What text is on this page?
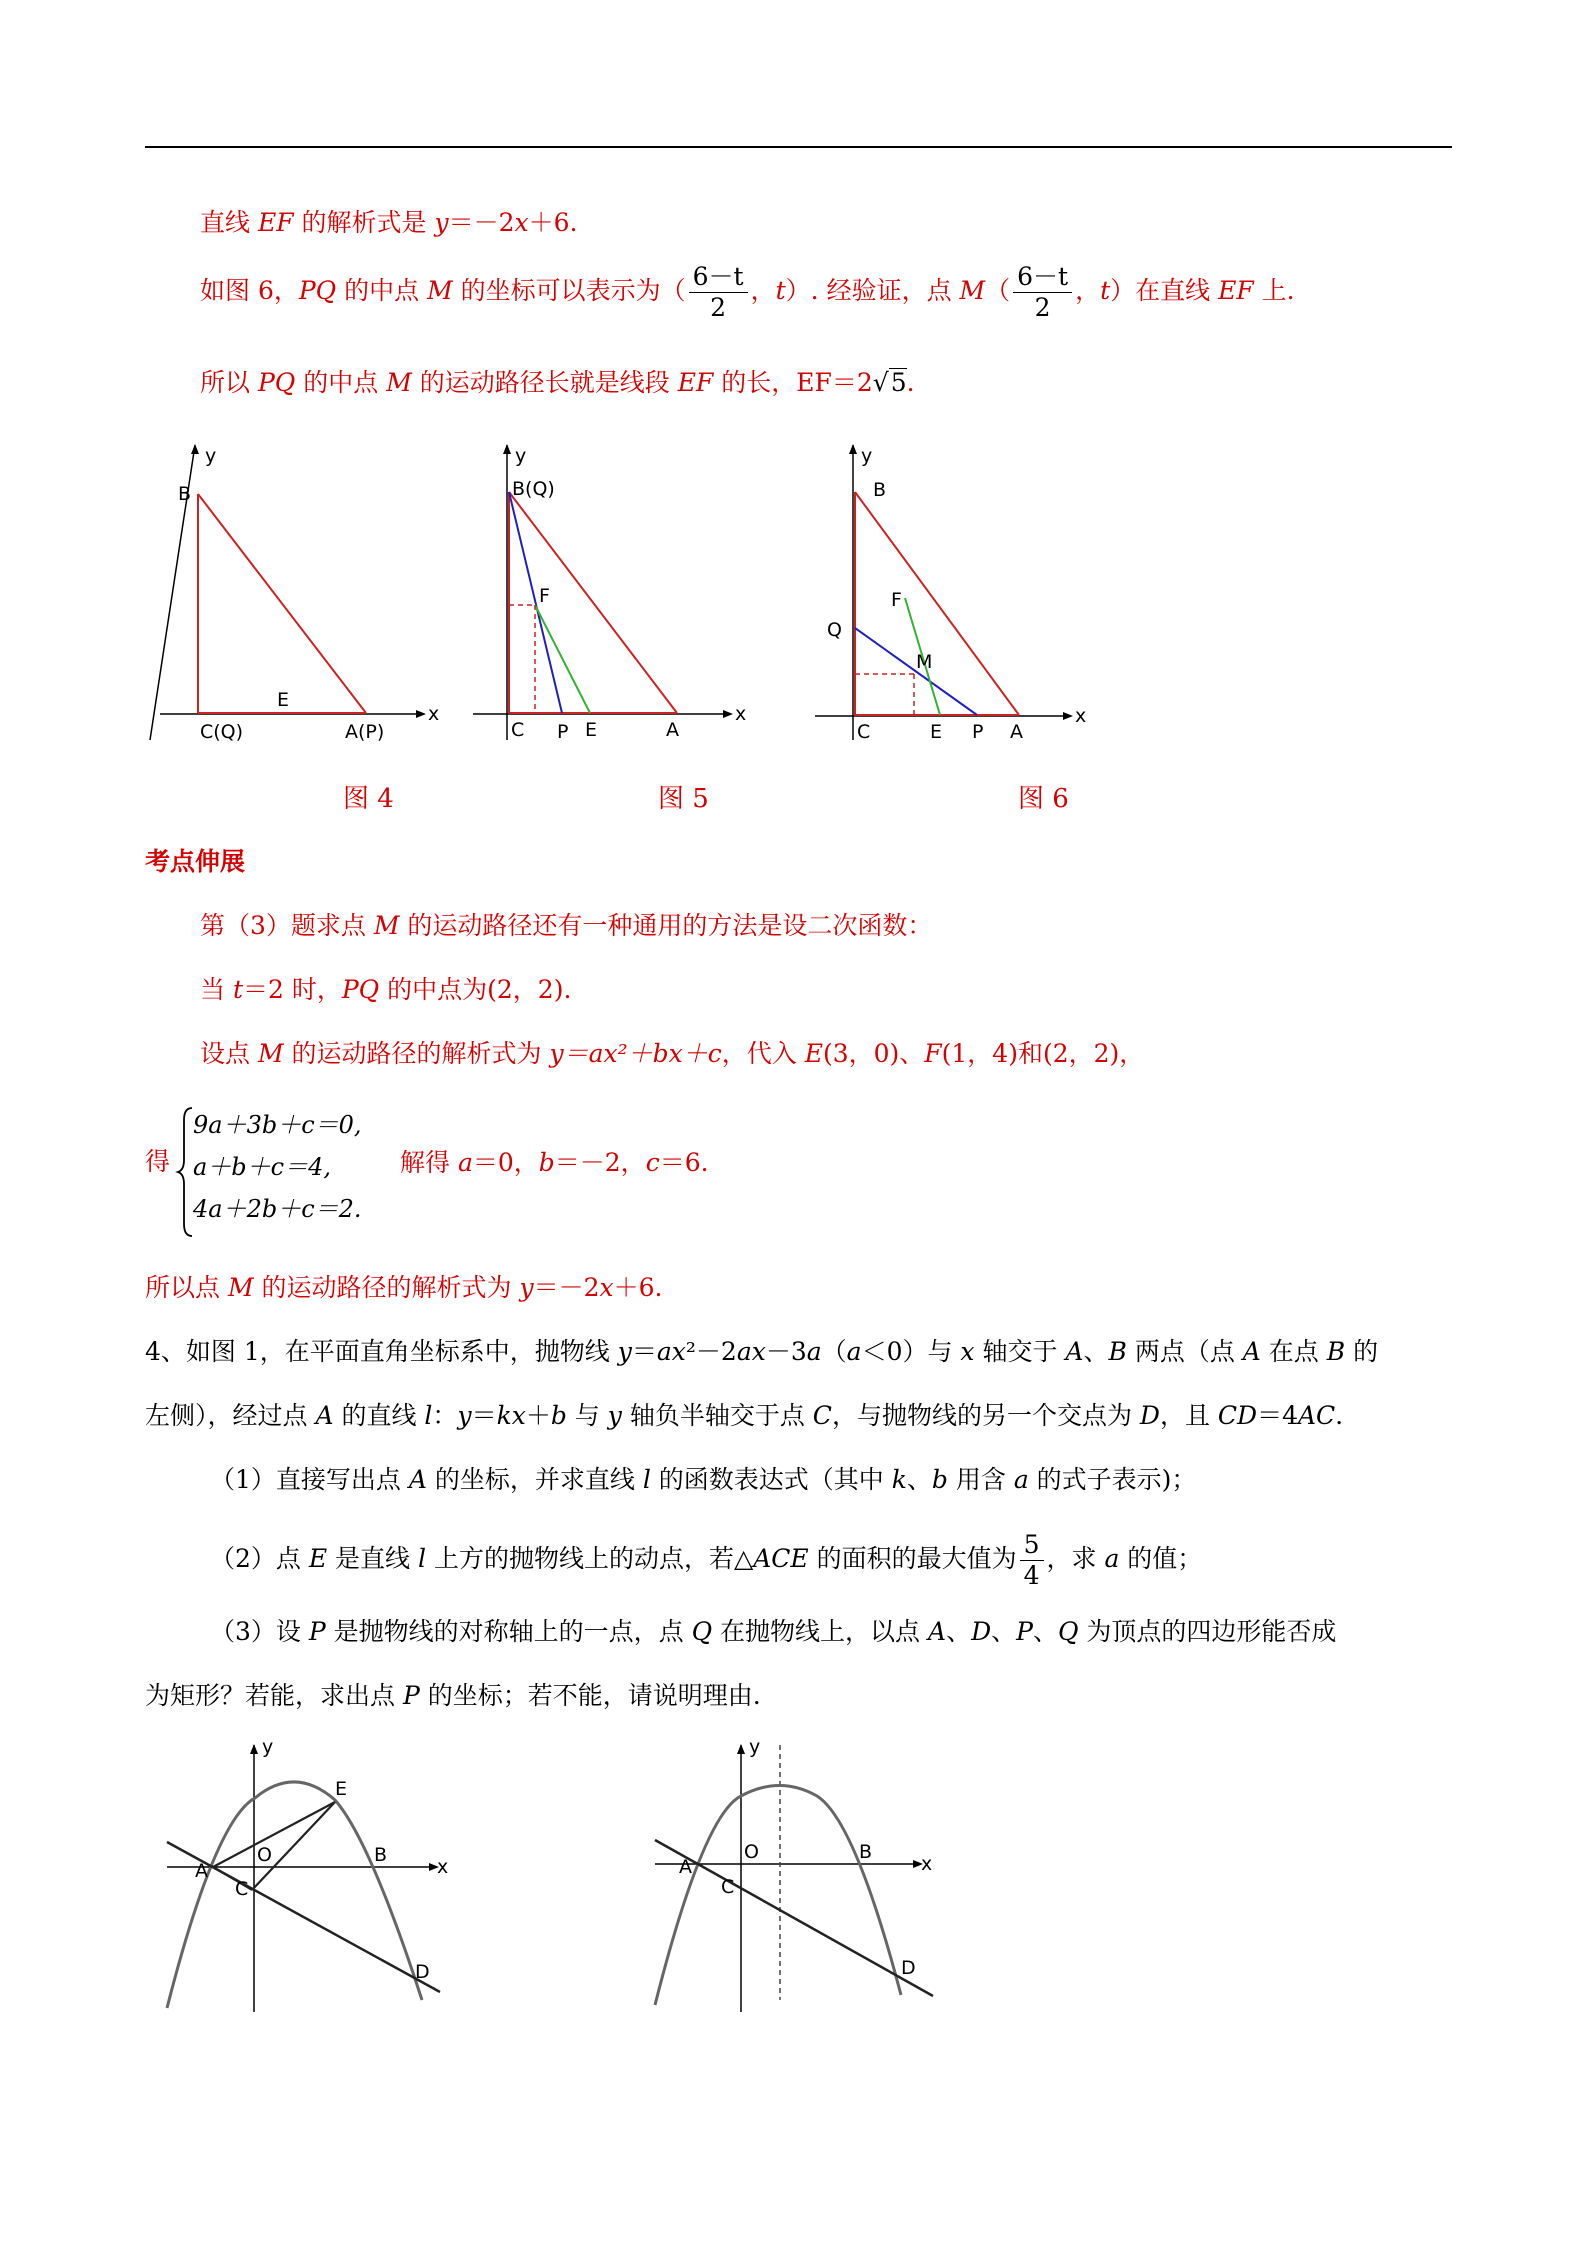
直线 EF 的解析式是 y＝－2x＋6.
如图 6，PQ 的中点 M 的坐标可以表示为（ $\frac{6-t}{2}$ ，t）. 经验证，点 $M( \frac{6-t}{2}$ ，t）在直线 EF 上.
所以 PQ 的中点 M 的运动路径长就是线段 EF 的长，EF＝2√5.
y
x
B
E
C(Q)	A(P)
图 4
y
x
B(Q)
F
C P E	A
图 5
y
x
B
F
Q
M
C	E P A
图 6
考点伸展
第（3）题求点 M 的运动路径还有一种通用的方法是设二次函数：
当 t＝2 时，PQ 的中点为(2，2).
设点 M 的运动路径的解析式为 y＝ax²＋bx＋c，代入 E(3，0)、F(1，4)和(2，2)，
得
9a＋3b＋c＝0,
a＋b＋c＝4,
4a＋2b＋c＝2.
解得 a＝0，b＝－2，c＝6.
所以点 M 的运动路径的解析式为 y＝－2x＋6.
4、如图 1，在平面直角坐标系中，抛物线 y＝ax²－2ax－3a（a＜0）与 x 轴交于 A、B 两点（点 A 在点 B 的
左侧），经过点 A 的直线 l：y＝kx＋b 与 y 轴负半轴交于点 C，与抛物线的另一个交点为 D，且 CD＝4AC.
（1）直接写出点 A 的坐标，并求直线 l 的函数表达式（其中 k、b 用含 a 的式子表示)；
（2）点 E 是直线 l 上方的抛物线上的动点，若△ACE 的面积的最大值为 $\frac{5}{4}$ ，求 a 的值；
（3）设 P 是抛物线的对称轴上的一点，点 Q 在抛物线上，以点 A、D、P、Q 为顶点的四边形能否成
为矩形？若能，求出点 P 的坐标；若不能，请说明理由.
y
x
E
O
A
B
C
D
y
x
O
A
B
C
D
